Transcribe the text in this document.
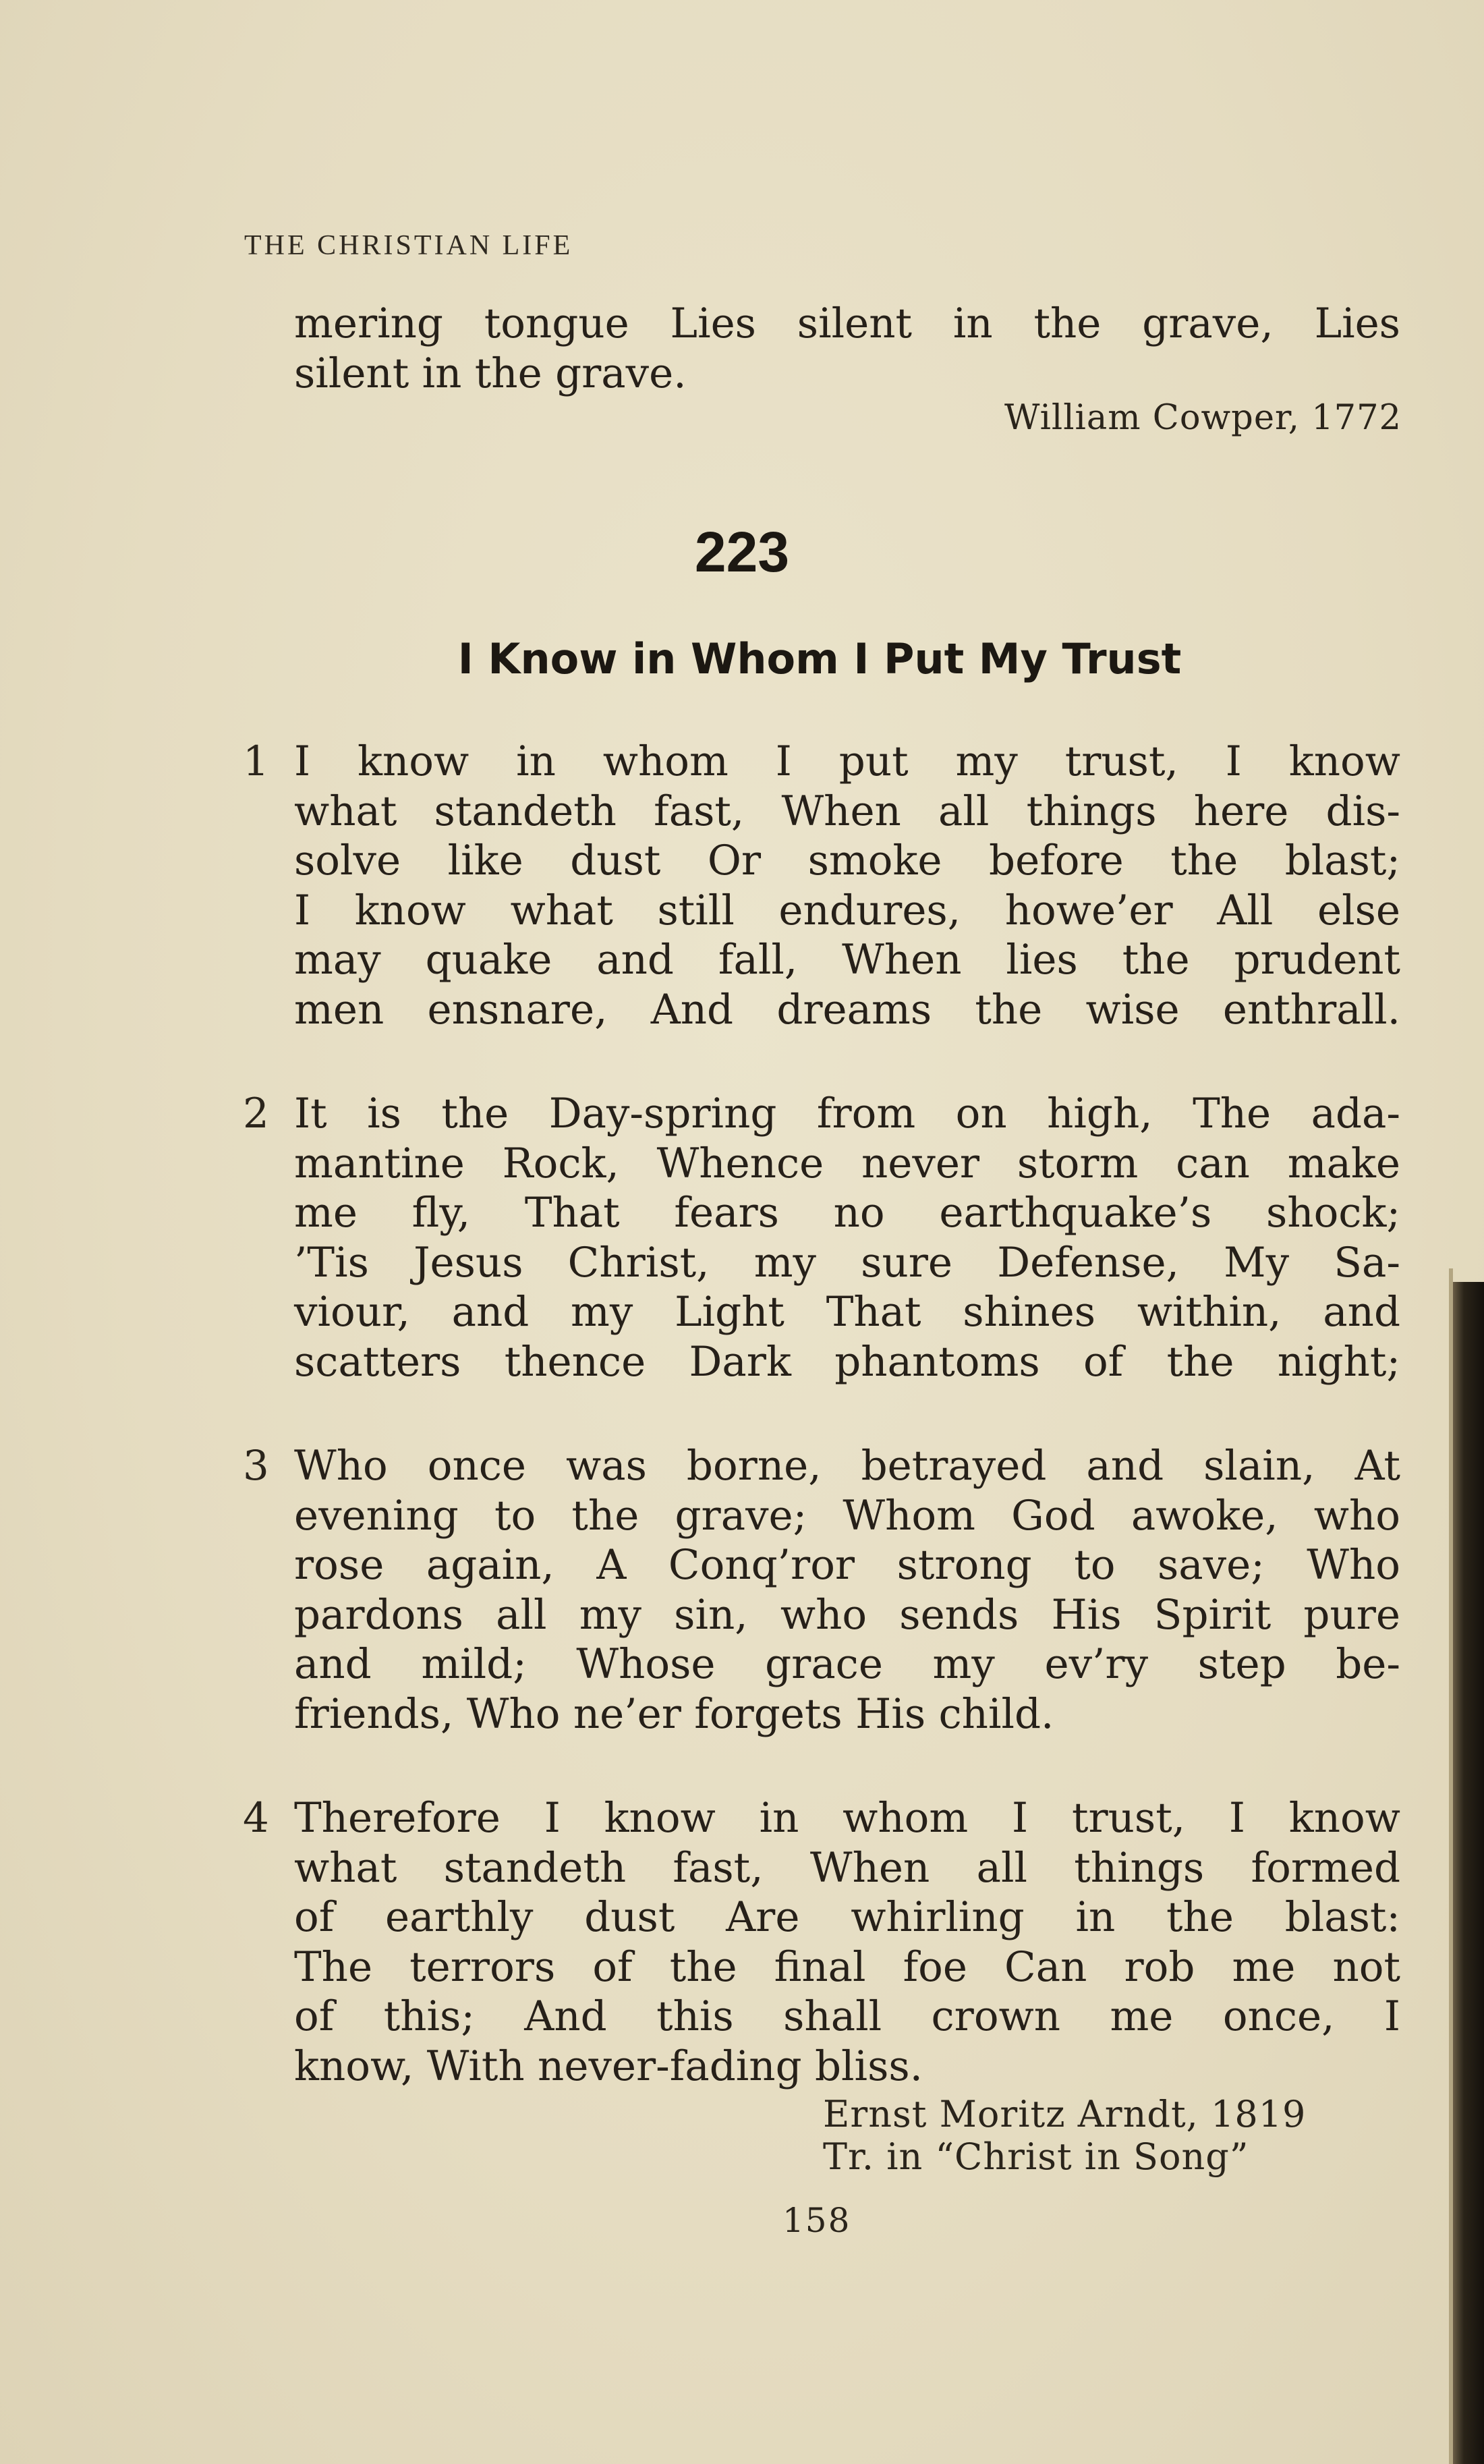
THE CHRISTIAN LIFE
mering tongue Lies silent in the grave, Lies
silent in the grave.
William Cowper, 1772
223
I Know in Whom I Put My Trust
1 I know in whom I put my trust, I know
what standeth fast, When all things here dis-
solve like dust Or smoke before the blast;
I know what still endures, howe’er All else
may quake and fall, When lies the prudent
men ensnare, And dreams the wise enthrall.
2 It is the Day-spring from on high, The ada-
mantine Rock, Whence never storm can make
me fly, That fears no earthquake’s shock;
’Tis Jesus Christ, my sure Defense, My Sa-
viour, and my Light That shines within, and
scatters thence Dark phantoms of the night;
3 Who once was borne, betrayed and slain, At
evening to the grave; Whom God awoke, who
rose again, A Conq’ror strong to save; Who
pardons all my sin, who sends His Spirit pure
and mild; Whose grace my ev’ry step be-
friends, Who ne’er forgets His child.
4 Therefore I know in whom I trust, I know
what standeth fast, When all things formed
of earthly dust Are whirling in the blast:
The terrors of the final foe Can rob me not
of this; And this shall crown me once, I
know, With never-fading bliss.
Ernst Moritz Arndt, 1819
Tr. in “Christ in Song”
158
